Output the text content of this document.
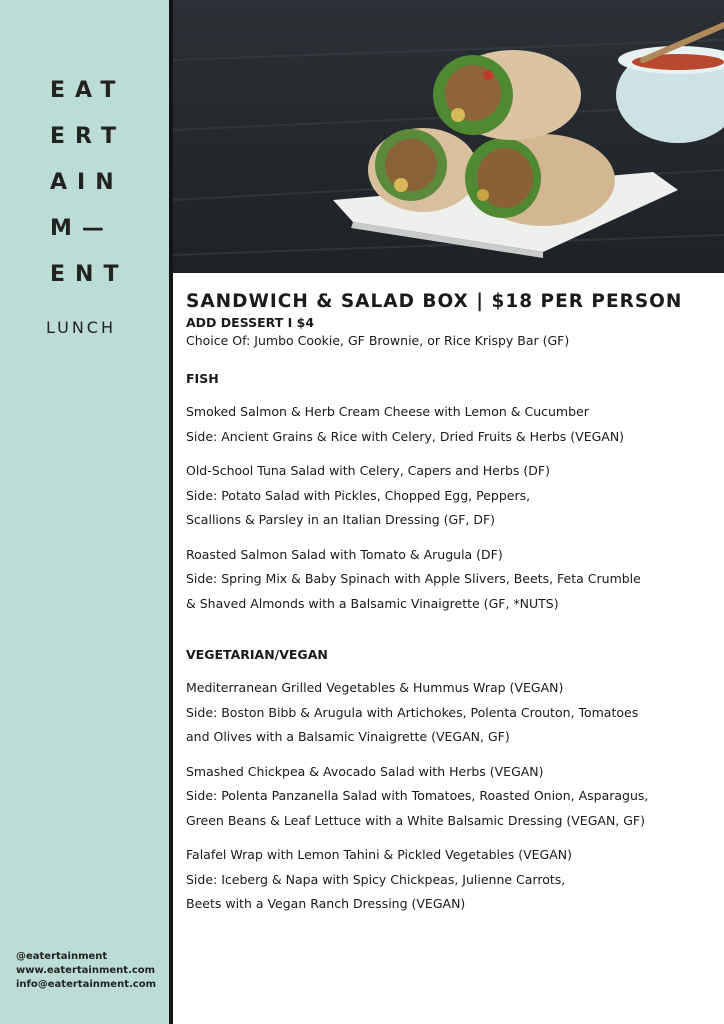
EAT
ERT
AIN
M—
ENT
LUNCH
@eatertainment
www.eatertainment.com
info@eatertainment.com
SANDWICH & SALAD BOX | $18 PER PERSON
ADD DESSERT I $4
Choice Of: Jumbo Cookie, GF Brownie, or Rice Krispy Bar (GF)
FISH
Smoked Salmon & Herb Cream Cheese with Lemon & Cucumber
Side: Ancient Grains & Rice with Celery, Dried Fruits & Herbs (VEGAN)
Old-School Tuna Salad with Celery, Capers and Herbs (DF)
Side: Potato Salad with Pickles, Chopped Egg, Peppers,
Scallions & Parsley in an Italian Dressing (GF, DF)
Roasted Salmon Salad with Tomato & Arugula (DF)
Side: Spring Mix & Baby Spinach with Apple Slivers, Beets, Feta Crumble
& Shaved Almonds with a Balsamic Vinaigrette (GF, *NUTS)
VEGETARIAN/VEGAN
Mediterranean Grilled Vegetables & Hummus Wrap (VEGAN)
Side: Boston Bibb & Arugula with Artichokes, Polenta Crouton, Tomatoes
and Olives with a Balsamic Vinaigrette (VEGAN, GF)
Smashed Chickpea & Avocado Salad with Herbs (VEGAN)
Side: Polenta Panzanella Salad with Tomatoes, Roasted Onion, Asparagus,
Green Beans & Leaf Lettuce with a White Balsamic Dressing (VEGAN, GF)
Falafel Wrap with Lemon Tahini & Pickled Vegetables (VEGAN)
Side: Iceberg & Napa with Spicy Chickpeas, Julienne Carrots,
Beets with a Vegan Ranch Dressing (VEGAN)
